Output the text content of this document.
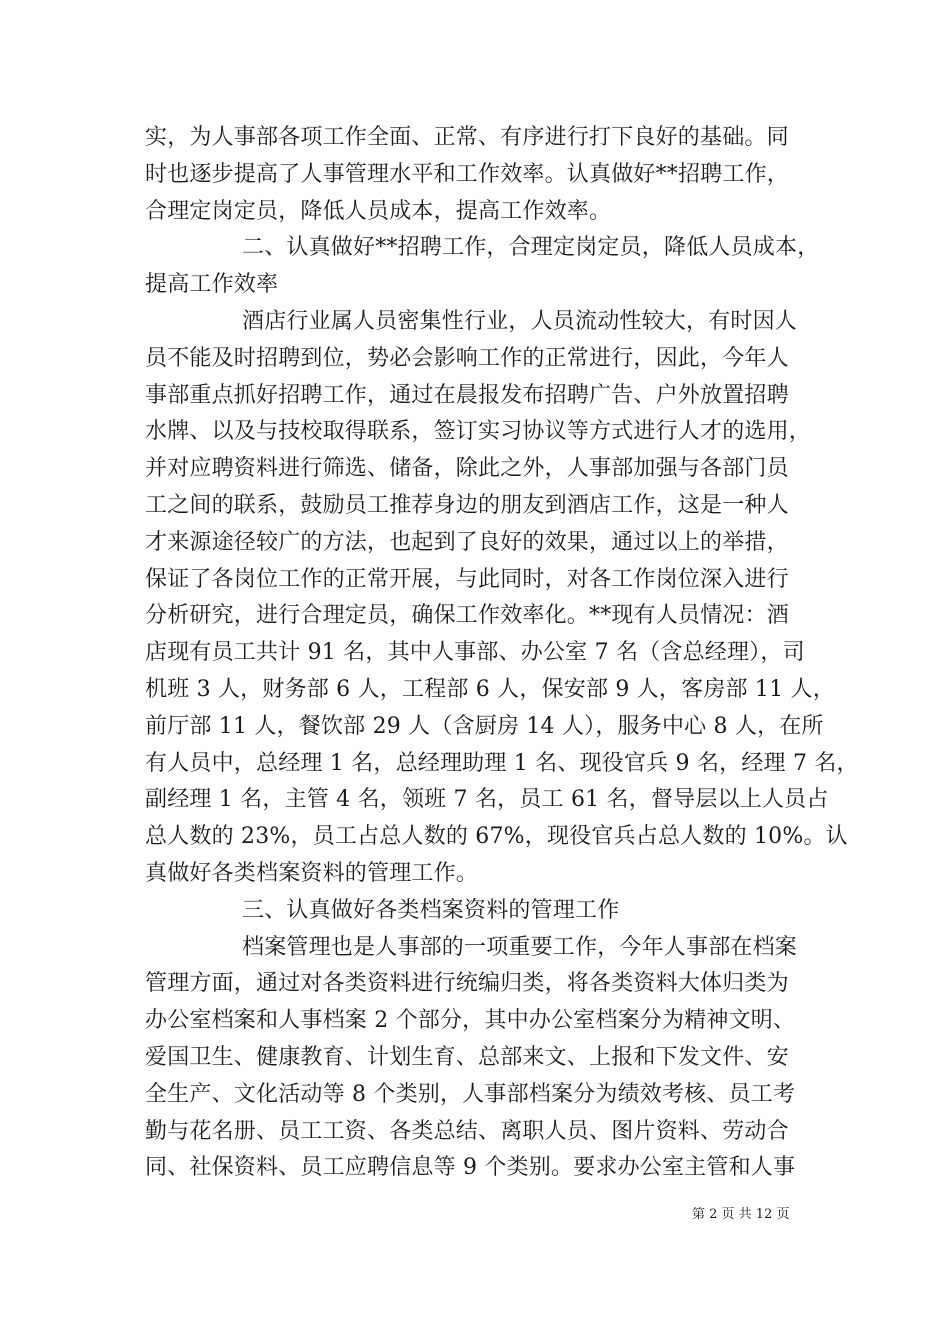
实，为人事部各项工作全面、正常、有序进行打下良好的基础。同
时也逐步提高了人事管理水平和工作效率。认真做好**招聘工作，
合理定岗定员，降低人员成本，提高工作效率。
二、认真做好**招聘工作，合理定岗定员，降低人员成本，
提高工作效率
酒店行业属人员密集性行业，人员流动性较大，有时因人
员不能及时招聘到位，势必会影响工作的正常进行，因此，今年人
事部重点抓好招聘工作，通过在晨报发布招聘广告、户外放置招聘
水牌、以及与技校取得联系，签订实习协议等方式进行人才的选用，
并对应聘资料进行筛选、储备，除此之外，人事部加强与各部门员
工之间的联系，鼓励员工推荐身边的朋友到酒店工作，这是一种人
才来源途径较广的方法，也起到了良好的效果，通过以上的举措，
保证了各岗位工作的正常开展，与此同时，对各工作岗位深入进行
分析研究，进行合理定员，确保工作效率化。**现有人员情况：酒
店现有员工共计 91 名，其中人事部、办公室 7 名（含总经理），司
机班 3 人，财务部 6 人，工程部 6 人，保安部 9 人，客房部 11 人，
前厅部 11 人，餐饮部 29 人（含厨房 14 人），服务中心 8 人，在所
有人员中，总经理 1 名，总经理助理 1 名、现役官兵 9 名，经理 7 名，
副经理 1 名，主管 4 名，领班 7 名，员工 61 名，督导层以上人员占
总人数的 23%，员工占总人数的 67%，现役官兵占总人数的 10%。认
真做好各类档案资料的管理工作。
三、认真做好各类档案资料的管理工作
档案管理也是人事部的一项重要工作，今年人事部在档案
管理方面，通过对各类资料进行统编归类，将各类资料大体归类为
办公室档案和人事档案 2 个部分，其中办公室档案分为精神文明、
爱国卫生、健康教育、计划生育、总部来文、上报和下发文件、安
全生产、文化活动等 8 个类别，人事部档案分为绩效考核、员工考
勤与花名册、员工工资、各类总结、离职人员、图片资料、劳动合
同、社保资料、员工应聘信息等 9 个类别。要求办公室主管和人事
第 2 页 共 12 页
